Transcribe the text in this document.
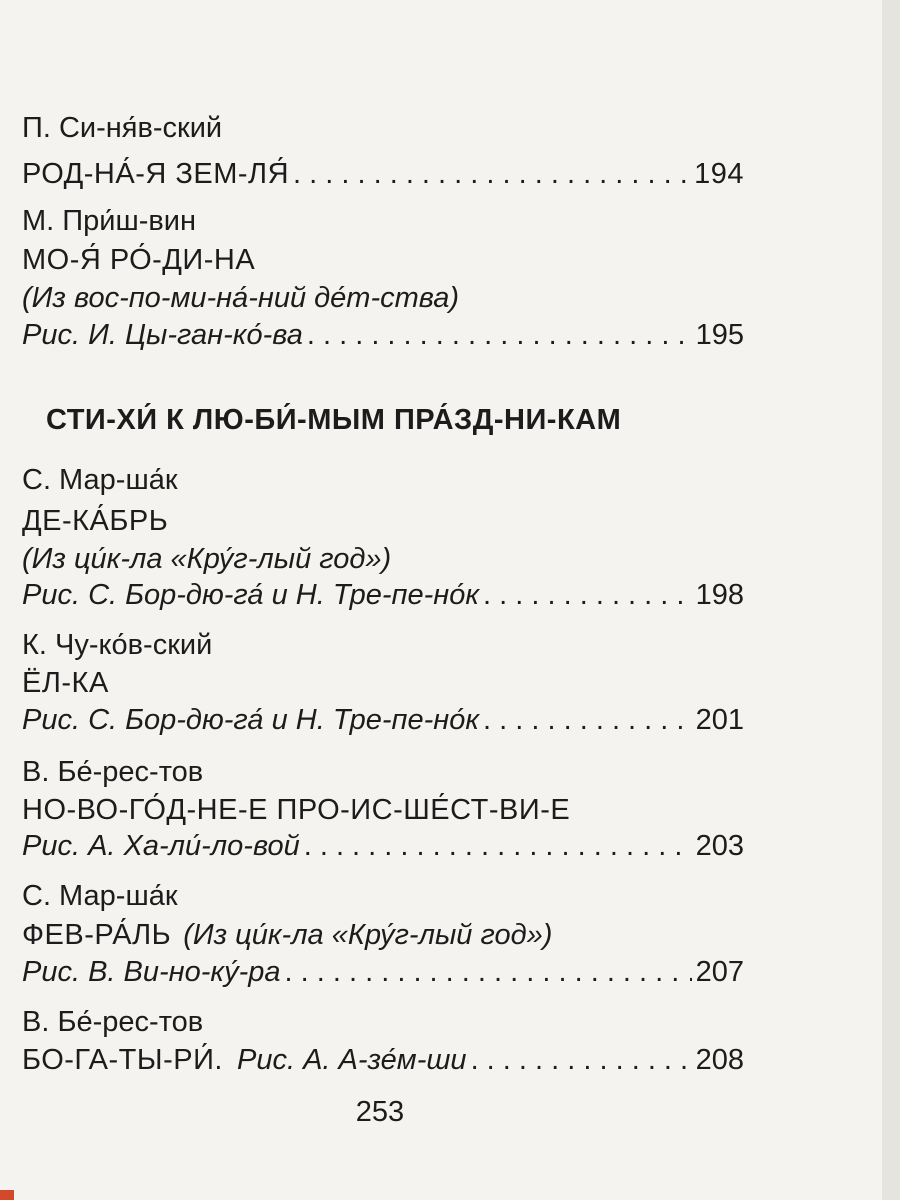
П. Си-ня́в-ский
РОД-НА́-Я ЗЕМ-ЛЯ́ . . .	194
М. При́ш-вин
МО-Я́ РО́-ДИ-НА
(Из вос-по-ми-на́-ний де́т-ства)
Рис. И. Цы-ган-ко́-ва . . .	195
СТИ-ХИ́ К ЛЮ-БИ́-МЫМ ПРА́ЗД-НИ-КАМ
С. Мар-ша́к
ДЕ-КА́БРЬ
(Из ци́к-ла «Кру́г-лый год»)
Рис. С. Бор-дю-га́ и Н. Тре-пе-но́к . . .	198
К. Чу-ко́в-ский
ЁЛ-КА
Рис. С. Бор-дю-га́ и Н. Тре-пе-но́к . . .	201
В. Бе́-рес-тов
НО-ВО-ГО́Д-НЕ-Е ПРО-ИС-ШЕ́СТ-ВИ-Е
Рис. А. Ха-ли́-ло-вой . . .	203
С. Мар-ша́к
ФЕВ-РА́ЛЬ (Из ци́к-ла «Кру́г-лый год»)
Рис. В. Ви-но-ку́-ра . . .	207
В. Бе́-рес-тов
БО-ГА-ТЫ-РИ́. Рис. А. А-зе́м-ши . . .	208
253
